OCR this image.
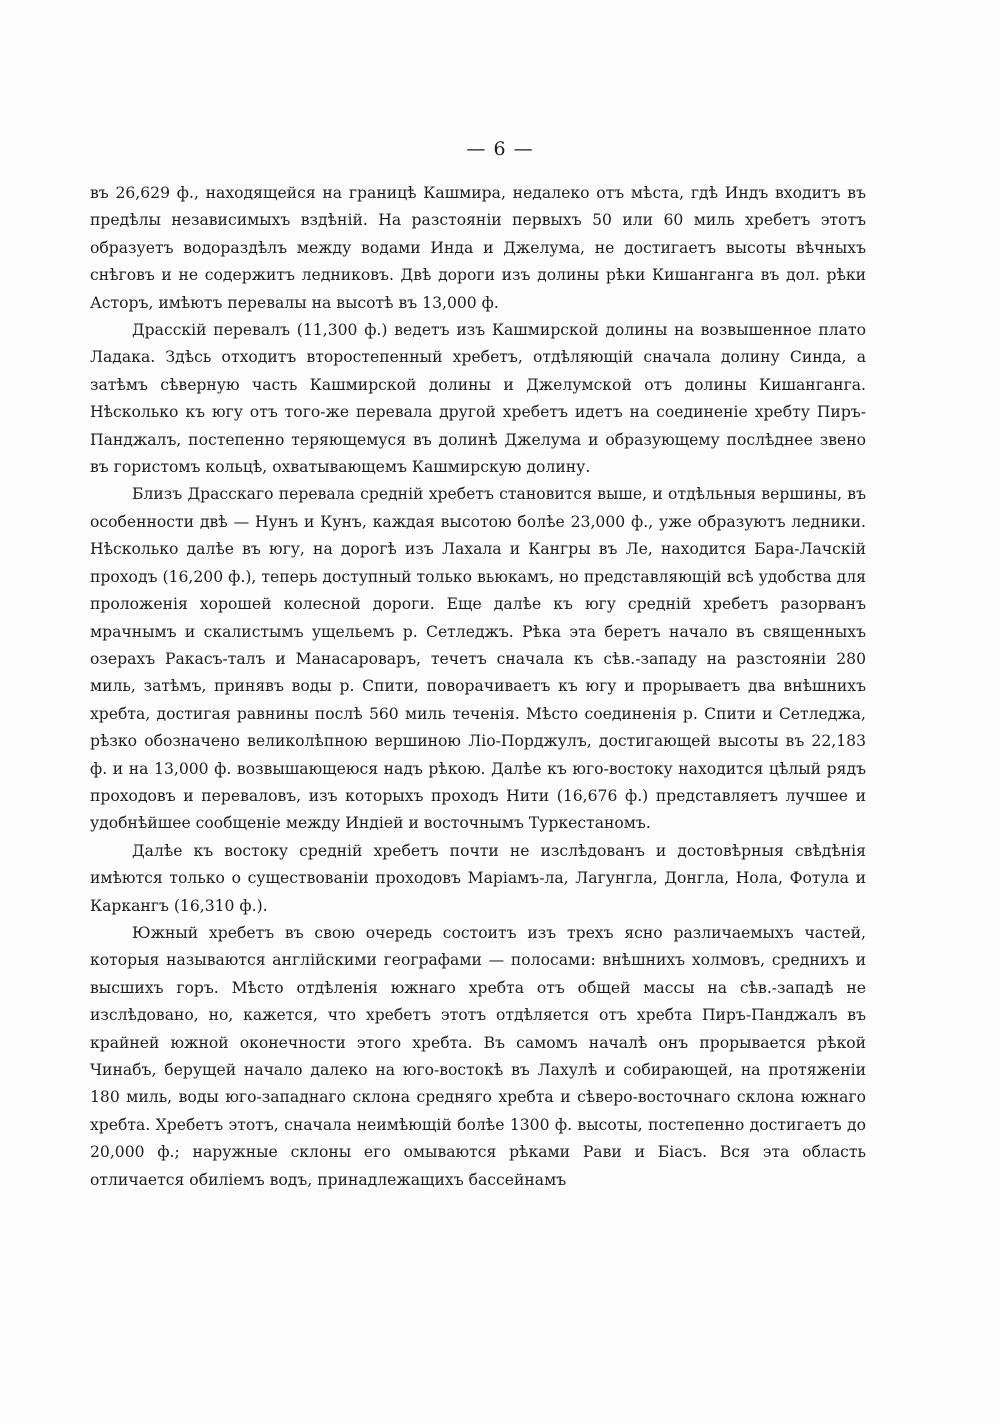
— 6 —

въ 26,629 ф., находящейся на границѣ Кашмира, недалеко отъ мѣста, гдѣ Индъ входитъ въ предѣлы независимыхъ вздѣній. На разстояніи первыхъ 50 или 60 миль хребетъ этотъ образуетъ водораздѣлъ между водами Инда и Джелума, не достигаетъ высоты вѣчныхъ снѣговъ и не содержитъ ледниковъ. Двѣ дороги изъ долины рѣки Кишанганга въ дол. рѣки Асторъ, имѣютъ перевалы на высотѣ въ 13,000 ф.

Драсскій перевалъ (11,300 ф.) ведетъ изъ Кашмирской долины на возвышенное плато Ладака. Здѣсь отходитъ второстепенный хребетъ, отдѣляющій сначала долину Синда, а затѣмъ сѣверную часть Кашмирской долины и Джелумской отъ долины Кишанганга. Нѣсколько къ югу отъ того-же перевала другой хребетъ идетъ на соединеніе хребту Пиръ-Панджалъ, постепенно теряющемуся въ долинѣ Джелума и образующему послѣднее звено въ гористомъ кольцѣ, охватывающемъ Кашмирскую долину.

Близъ Драсскаго перевала средній хребетъ становится выше, и отдѣльныя вершины, въ особенности двѣ — Нунъ и Кунъ, каждая высотою болѣе 23,000 ф., уже образуютъ ледники. Нѣсколько далѣе въ югу, на дорогѣ изъ Лахала и Кангры въ Ле, находится Бара-Лачскій проходъ (16,200 ф.), теперь доступный только вьюкамъ, но представляющій всѣ удобства для проложенія хорошей колесной дороги. Еще далѣе къ югу средній хребетъ разорванъ мрачнымъ и скалистымъ ущельемъ р. Сетледжъ. Рѣка эта беретъ начало въ священныхъ озерахъ Ракасъ-талъ и Манасароваръ, течетъ сначала къ сѣв.-западу на разстояніи 280 миль, затѣмъ, принявъ воды р. Спити, поворачиваетъ къ югу и прорываетъ два внѣшнихъ хребта, достигая равнины послѣ 560 миль теченія. Мѣсто соединенія р. Спити и Сетледжа, рѣзко обозначено великолѣпною вершиною Ліо-Порджулъ, достигающей высоты въ 22,183 ф. и на 13,000 ф. возвышающеюся надъ рѣкою. Далѣе къ юго-востоку находится цѣлый рядъ проходовъ и переваловъ, изъ которыхъ проходъ Нити (16,676 ф.) представляетъ лучшее и удобнѣйшее сообщеніе между Индіей и восточнымъ Туркестаномъ.

Далѣе къ востоку средній хребетъ почти не изслѣдованъ и достовѣрныя свѣдѣнія имѣются только о существованіи проходовъ Маріамъ-ла, Лагунгла, Донгла, Нола, Фотула и Каркангъ (16,310 ф.).

Южный хребетъ въ свою очередь состоитъ изъ трехъ ясно различаемыхъ частей, которыя называются англійскими географами — полосами: внѣшнихъ холмовъ, среднихъ и высшихъ горъ. Мѣсто отдѣленія южнаго хребта отъ общей массы на сѣв.-западѣ не изслѣдовано, но, кажется, что хребетъ этотъ отдѣляется отъ хребта Пиръ-Панджалъ въ крайней южной оконечности этого хребта. Въ самомъ началѣ онъ прорывается рѣкой Чинабъ, берущей начало далеко на юго-востокѣ въ Лахулѣ и собирающей, на протяженіи 180 миль, воды юго-западнаго склона средняго хребта и сѣверо-восточнаго склона южнаго хребта. Хребетъ этотъ, сначала неимѣющій болѣе 1300 ф. высоты, постепенно достигаетъ до 20,000 ф.; наружные склоны его омываются рѣками Рави и Біасъ. Вся эта область отличается обиліемъ водъ, принадлежащихъ бассейнамъ
